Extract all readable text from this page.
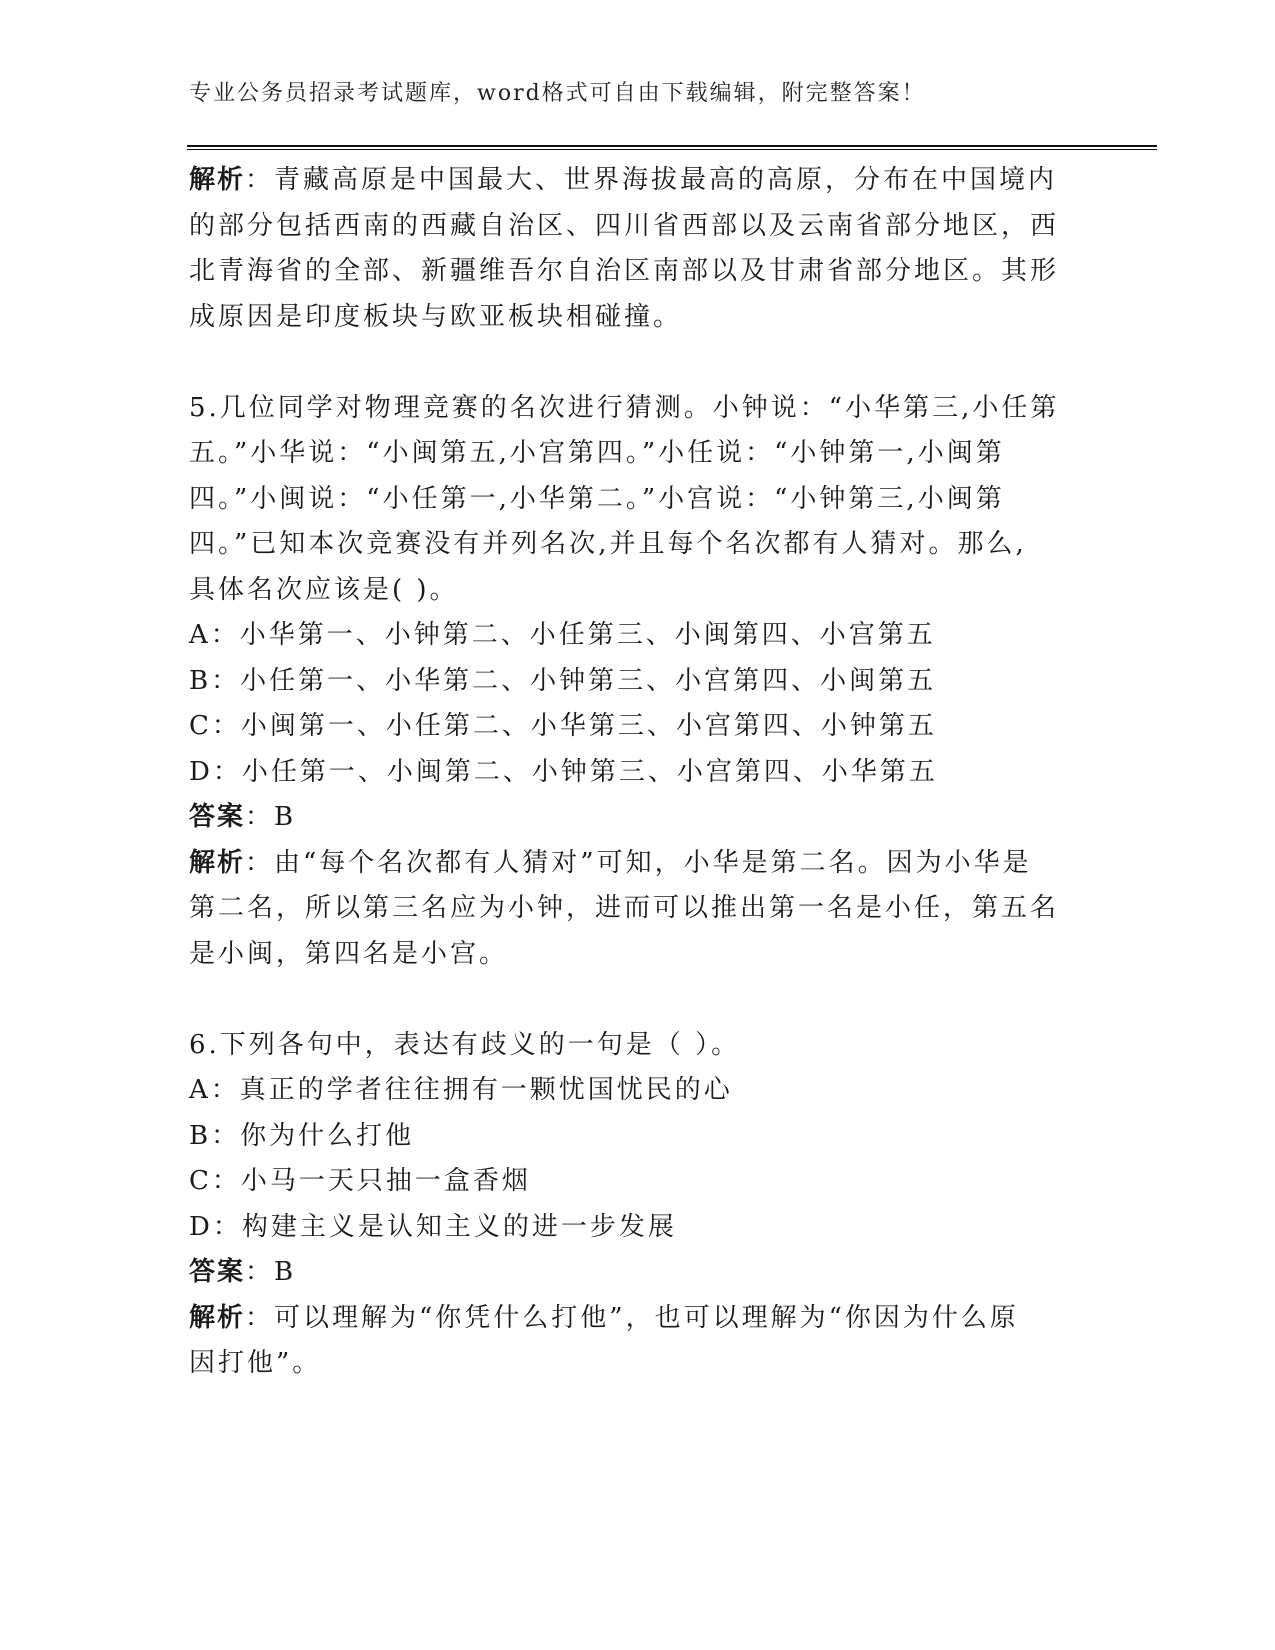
专业公务员招录考试题库，word格式可自由下载编辑，附完整答案！
解析：青藏高原是中国最大、世界海拔最高的高原，分布在中国境内
的部分包括西南的西藏自治区、四川省西部以及云南省部分地区，西
北青海省的全部、新疆维吾尔自治区南部以及甘肃省部分地区。其形
成原因是印度板块与欧亚板块相碰撞。
5.几位同学对物理竞赛的名次进行猜测。小钟说：“小华第三,小任第
五。”小华说：“小闽第五,小宫第四。”小任说：“小钟第一,小闽第
四。”小闽说：“小任第一,小华第二。”小宫说：“小钟第三,小闽第
四。”已知本次竞赛没有并列名次,并且每个名次都有人猜对。那么,
具体名次应该是( )。
A：小华第一、小钟第二、小任第三、小闽第四、小宫第五
B：小任第一、小华第二、小钟第三、小宫第四、小闽第五
C：小闽第一、小任第二、小华第三、小宫第四、小钟第五
D：小任第一、小闽第二、小钟第三、小宫第四、小华第五
答案：B
解析：由“每个名次都有人猜对”可知，小华是第二名。因为小华是
第二名，所以第三名应为小钟，进而可以推出第一名是小任，第五名
是小闽，第四名是小宫。
6.下列各句中，表达有歧义的一句是（ ）。
A：真正的学者往往拥有一颗忧国忧民的心
B：你为什么打他
C：小马一天只抽一盒香烟
D：构建主义是认知主义的进一步发展
答案：B
解析：可以理解为“你凭什么打他”，也可以理解为“你因为什么原
因打他”。
